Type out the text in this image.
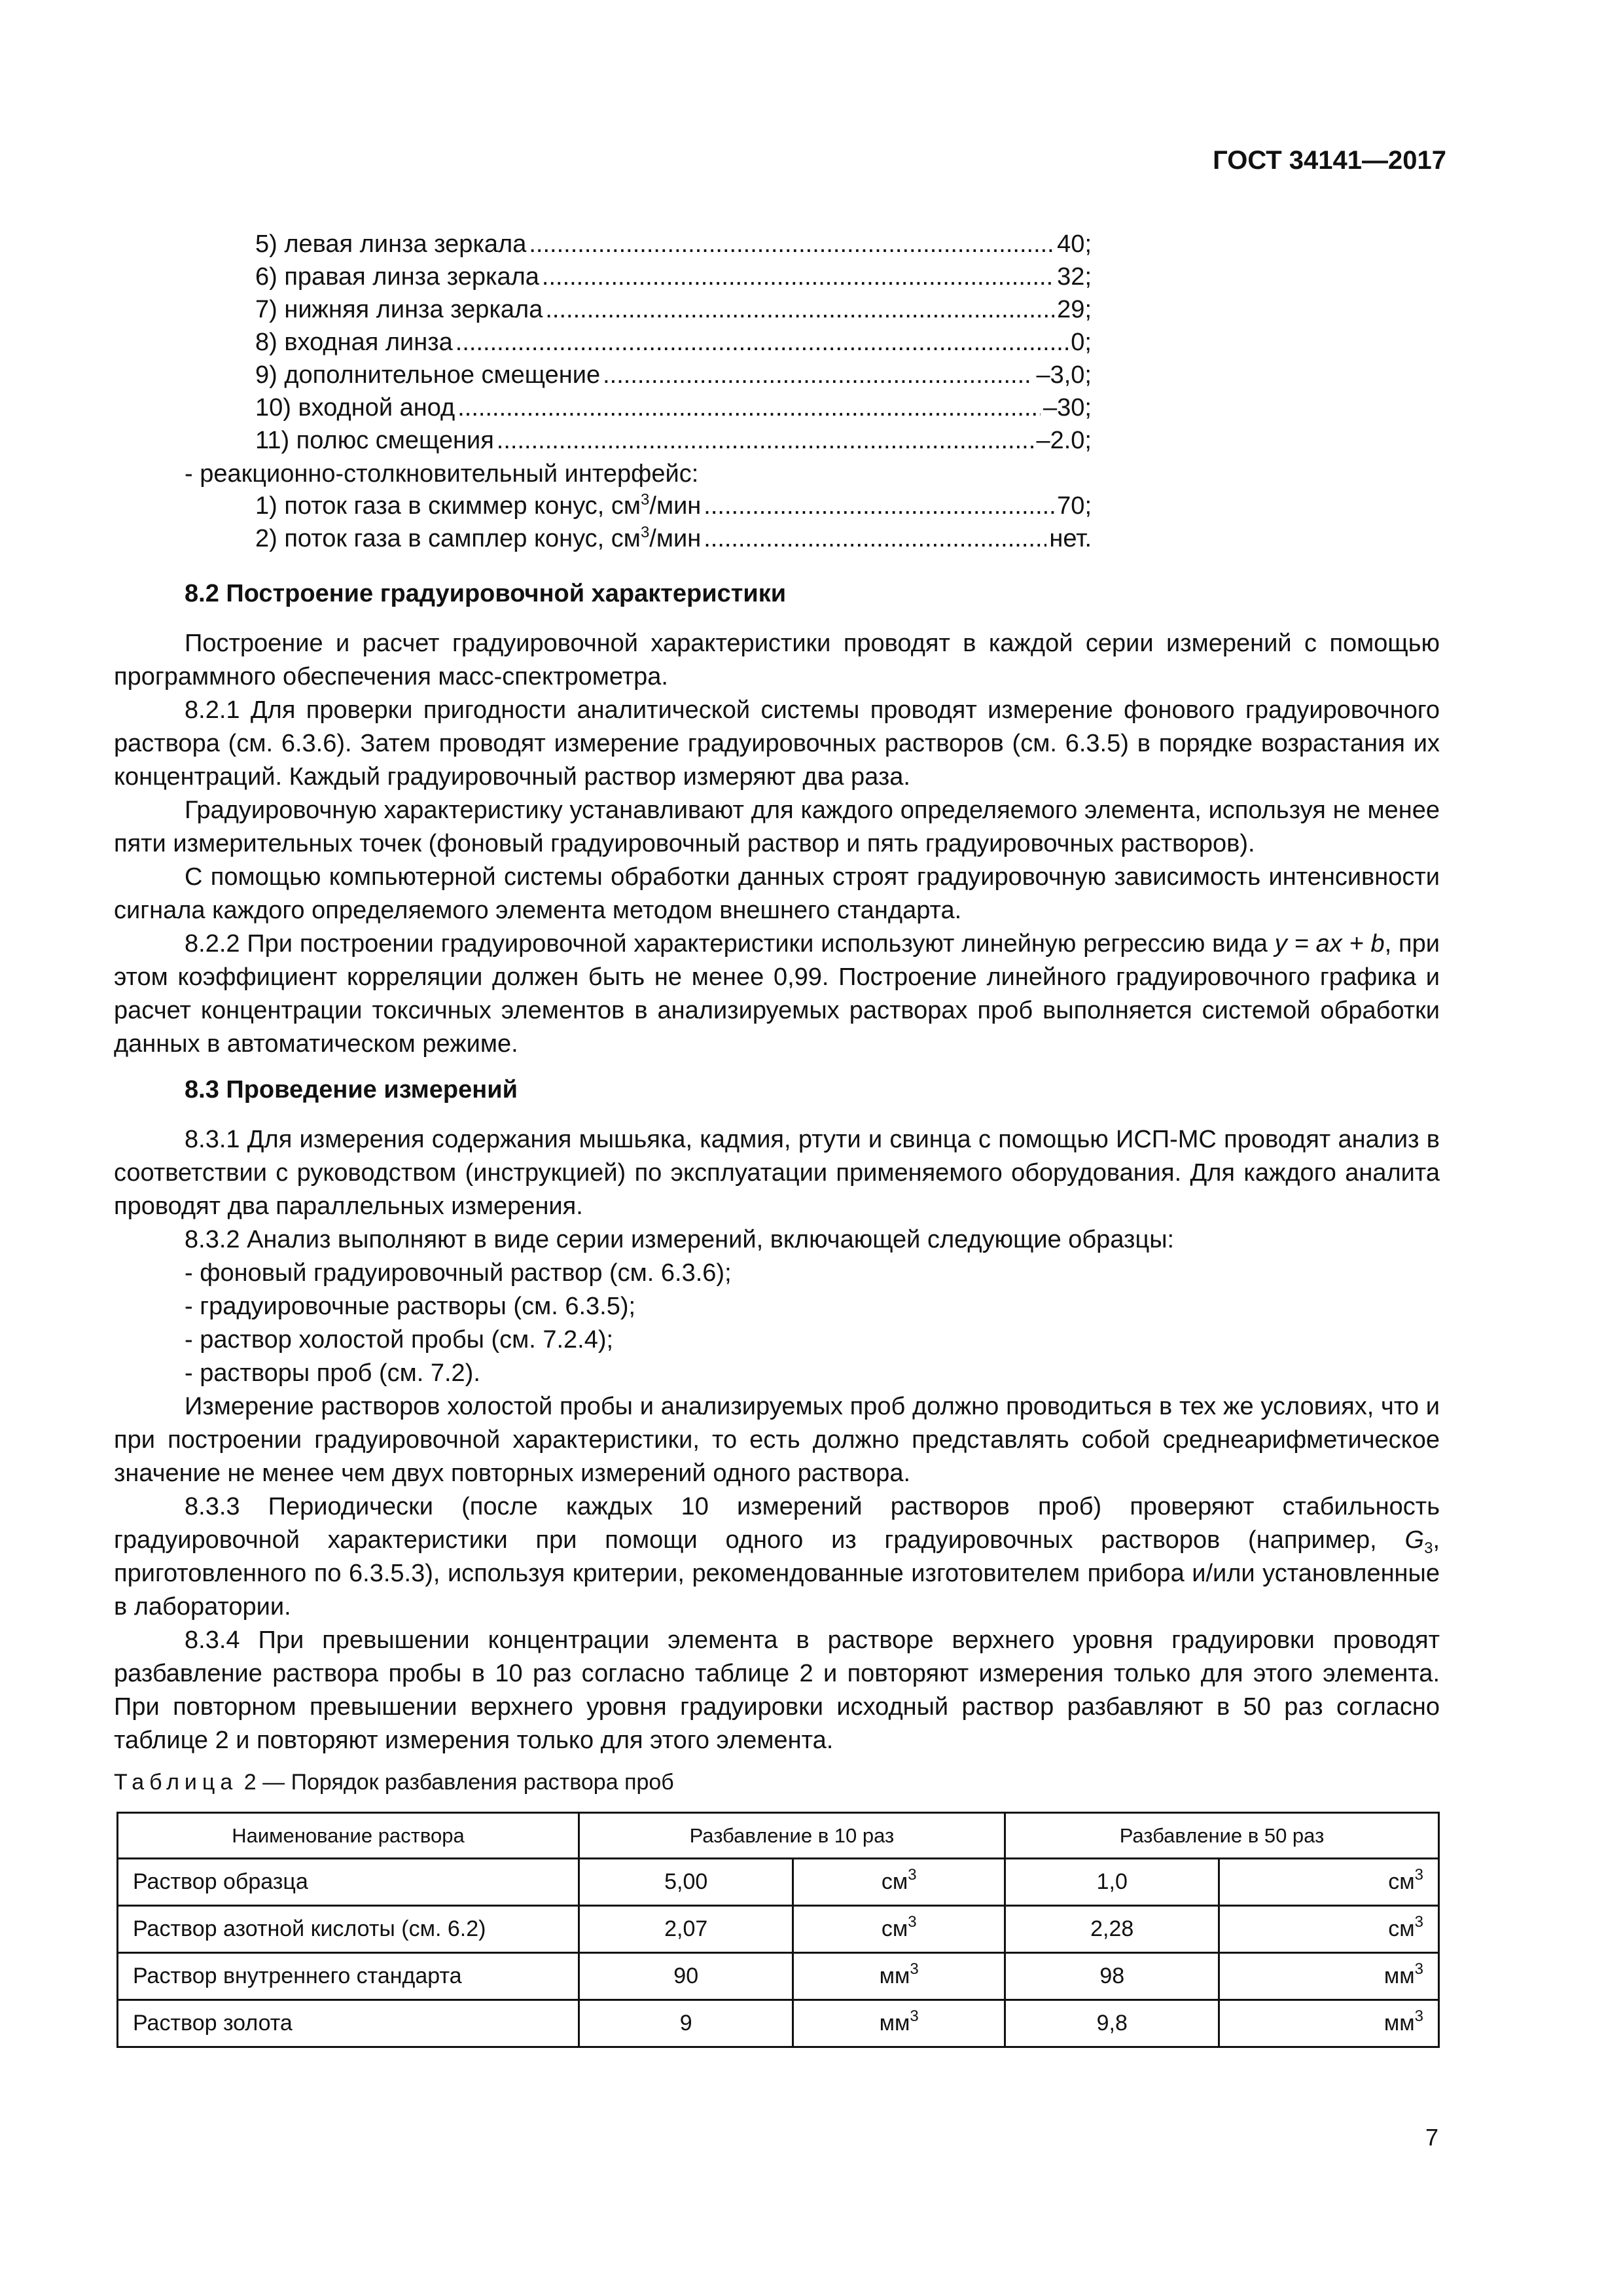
ГОСТ 34141—2017
5) левая линза зеркала .....	40;
6) правая линза зеркала .....	32;
7) нижняя линза зеркала .....	29;
8) входная линза .....	0;
9) дополнительное смещение .....	–3,0;
10) входной анод .....	–30;
11) полюс смещения .....	–2.0;
- реакционно-столкновительный интерфейс:
1) поток газа в скиммер конус, $см^3$/мин .....	70;
2) поток газа в самплер конус, $см^3$/мин .....	нет.
8.2 Построение градуировочной характеристики
Построение и расчет градуировочной характеристики проводят в каждой серии измерений с помощью программного обеспечения масс-спектрометра.
8.2.1 Для проверки пригодности аналитической системы проводят измерение фонового градуировочного раствора (см. 6.3.6). Затем проводят измерение градуировочных растворов (см. 6.3.5) в порядке возрастания их концентраций. Каждый градуировочный раствор измеряют два раза.
Градуировочную характеристику устанавливают для каждого определяемого элемента, используя не менее пяти измерительных точек (фоновый градуировочный раствор и пять градуировочных растворов).
С помощью компьютерной системы обработки данных строят градуировочную зависимость интенсивности сигнала каждого определяемого элемента методом внешнего стандарта.
8.2.2 При построении градуировочной характеристики используют линейную регрессию вида y = ax + b, при этом коэффициент корреляции должен быть не менее 0,99. Построение линейного градуировочного графика и расчет концентрации токсичных элементов в анализируемых растворах проб выполняется системой обработки данных в автоматическом режиме.
8.3 Проведение измерений
8.3.1 Для измерения содержания мышьяка, кадмия, ртути и свинца с помощью ИСП-МС проводят анализ в соответствии с руководством (инструкцией) по эксплуатации применяемого оборудования. Для каждого аналита проводят два параллельных измерения.
8.3.2 Анализ выполняют в виде серии измерений, включающей следующие образцы:
- фоновый градуировочный раствор (см. 6.3.6);
- градуировочные растворы (см. 6.3.5);
- раствор холостой пробы (см. 7.2.4);
- растворы проб (см. 7.2).
Измерение растворов холостой пробы и анализируемых проб должно проводиться в тех же условиях, что и при построении градуировочной характеристики, то есть должно представлять собой среднеарифметическое значение не менее чем двух повторных измерений одного раствора.
8.3.3 Периодически (после каждых 10 измерений растворов проб) проверяют стабильность градуировочной характеристики при помощи одного из градуировочных растворов (например, $G_3$, приготовленного по 6.3.5.3), используя критерии, рекомендованные изготовителем прибора и/или установленные в лаборатории.
8.3.4 При превышении концентрации элемента в растворе верхнего уровня градуировки проводят разбавление раствора пробы в 10 раз согласно таблице 2 и повторяют измерения только для этого элемента. При повторном превышении верхнего уровня градуировки исходный раствор разбавляют в 50 раз согласно таблице 2 и повторяют измерения только для этого элемента.
Таблица 2 — Порядок разбавления раствора проб
Наименование раствора	Разбавление в 10 раз		Разбавление в 50 раз	
Раствор образца	5,00	$см^3$	1,0	$см^3$
Раствор азотной кислоты (см. 6.2)	2,07	$см^3$	2,28	$см^3$
Раствор внутреннего стандарта	90	$мм^3$	98	$мм^3$
Раствор золота	9	$мм^3$	9,8	$мм^3$
7
